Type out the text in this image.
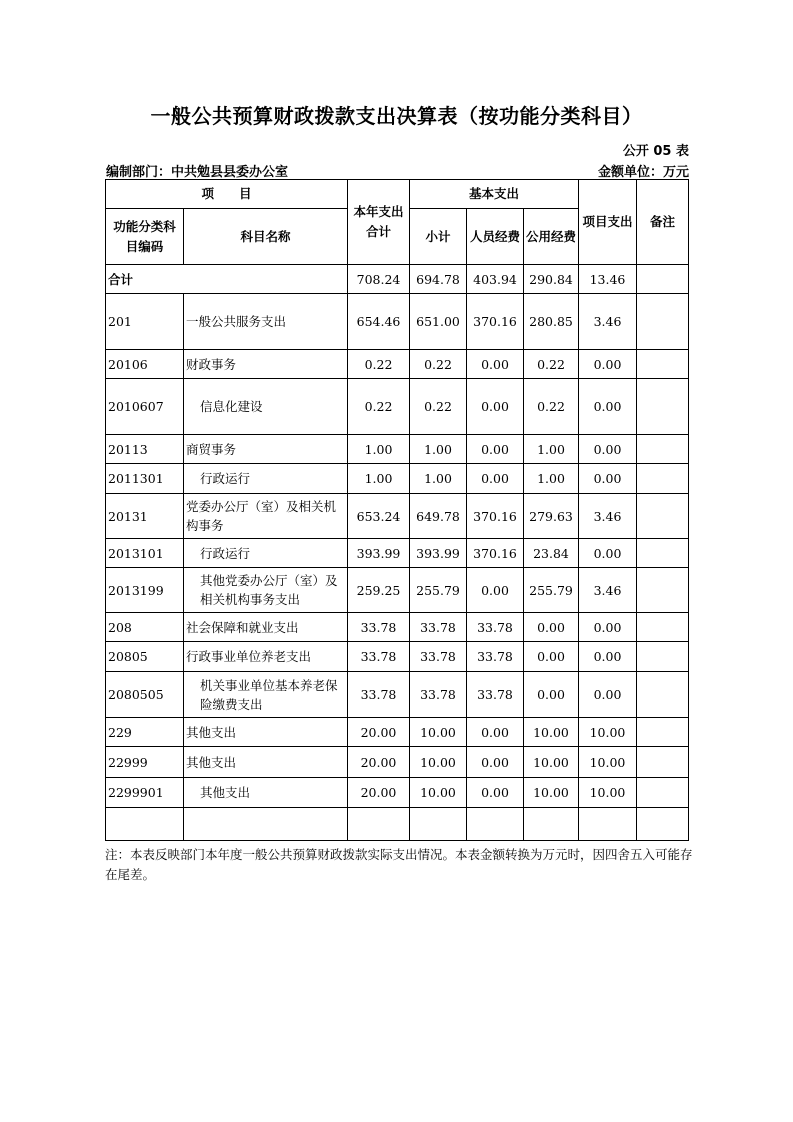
一般公共预算财政拨款支出决算表（按功能分类科目）
公开 05 表
编制部门：中共勉县县委办公室	金额单位：万元
项　　目		本年支出合计	基本支出			项目支出	备注
功能分类科目编码	科目名称		小计	人员经费	公用经费		

合计		708.24	694.78	403.94	290.84	13.46	
201	一般公共服务支出	654.46	651.00	370.16	280.85	3.46	
20106	财政事务	0.22	0.22	0.00	0.22	0.00	
2010607	信息化建设	0.22	0.22	0.00	0.22	0.00	
20113	商贸事务	1.00	1.00	0.00	1.00	0.00	
2011301	行政运行	1.00	1.00	0.00	1.00	0.00	
20131	党委办公厅（室）及相关机构事务	653.24	649.78	370.16	279.63	3.46	
2013101	行政运行	393.99	393.99	370.16	23.84	0.00	
2013199	其他党委办公厅（室）及相关机构事务支出	259.25	255.79	0.00	255.79	3.46	
208	社会保障和就业支出	33.78	33.78	33.78	0.00	0.00	
20805	行政事业单位养老支出	33.78	33.78	33.78	0.00	0.00	
2080505	机关事业单位基本养老保险缴费支出	33.78	33.78	33.78	0.00	0.00	
229	其他支出	20.00	10.00	0.00	10.00	10.00	
22999	其他支出	20.00	10.00	0.00	10.00	10.00	
2299901	其他支出	20.00	10.00	0.00	10.00	10.00	

注：本表反映部门本年度一般公共预算财政拨款实际支出情况。本表金额转换为万元时，因四舍五入可能存在尾差。
